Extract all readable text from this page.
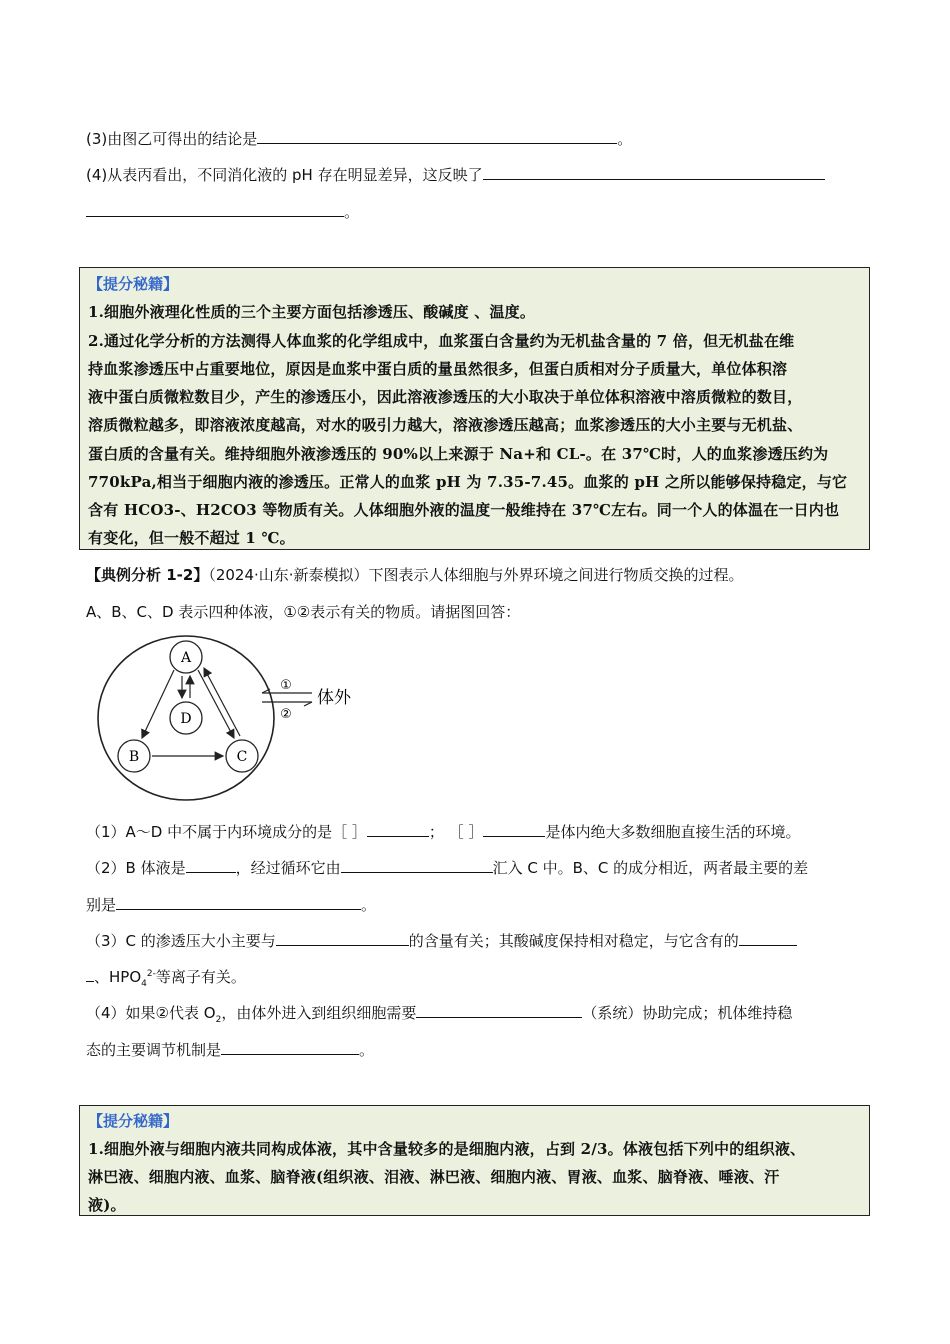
(3)由图乙可得出的结论是	。
(4)从表丙看出，不同消化液的 pH 存在明显差异，这反映了
。
【提分秘籍】
1.细胞外液理化性质的三个主要方面包括渗透压、酸碱度 、温度。
2.通过化学分析的方法测得人体血浆的化学组成中，血浆蛋白含量约为无机盐含量的 7 倍，但无机盐在维
持血浆渗透压中占重要地位，原因是血浆中蛋白质的量虽然很多，但蛋白质相对分子质量大，单位体积溶
液中蛋白质微粒数目少，产生的渗透压小，因此溶液渗透压的大小取决于单位体积溶液中溶质微粒的数目，
溶质微粒越多，即溶液浓度越高，对水的吸引力越大，溶液渗透压越高；血浆渗透压的大小主要与无机盐、
蛋白质的含量有关。维持细胞外液渗透压的 90%以上来源于 Na+和 CL-。在 37℃时，人的血浆渗透压约为
770kPa,相当于细胞内液的渗透压。正常人的血浆 pH 为 7.35-7.45。血浆的 pH 之所以能够保持稳定，与它
含有 HCO3-、H2CO3 等物质有关。人体细胞外液的温度一般维持在 37℃左右。同一个人的体温在一日内也
有变化，但一般不超过 1 ℃。
【典例分析 1-2】（2024·山东·新泰模拟）下图表示人体细胞与外界环境之间进行物质交换的过程。
A、B、C、D 表示四种体液，①②表示有关的物质。请据图回答：
A
D
B	C
①
②
体外
（1）A～D 中不属于内环境成分的是［ ］	； ［ ］	是体内绝大多数细胞直接生活的环境。
（2）B 体液是	，经过循环它由	汇入 C 中。B、C 的成分相近，两者最主要的差
别是	。
（3）C 的渗透压大小主要与	的含量有关；其酸碱度保持相对稳定，与它含有的
、$HPO_4^{2-}$等离子有关。
（4）如果②代表 $O_2$，由体外进入到组织细胞需要	（系统）协助完成；机体维持稳
态的主要调节机制是	。
【提分秘籍】
1.细胞外液与细胞内液共同构成体液，其中含量较多的是细胞内液，占到 2/3。体液包括下列中的组织液、
淋巴液、细胞内液、血浆、脑脊液(组织液、泪液、淋巴液、细胞内液、胃液、血浆、脑脊液、唾液、汗
液)。
